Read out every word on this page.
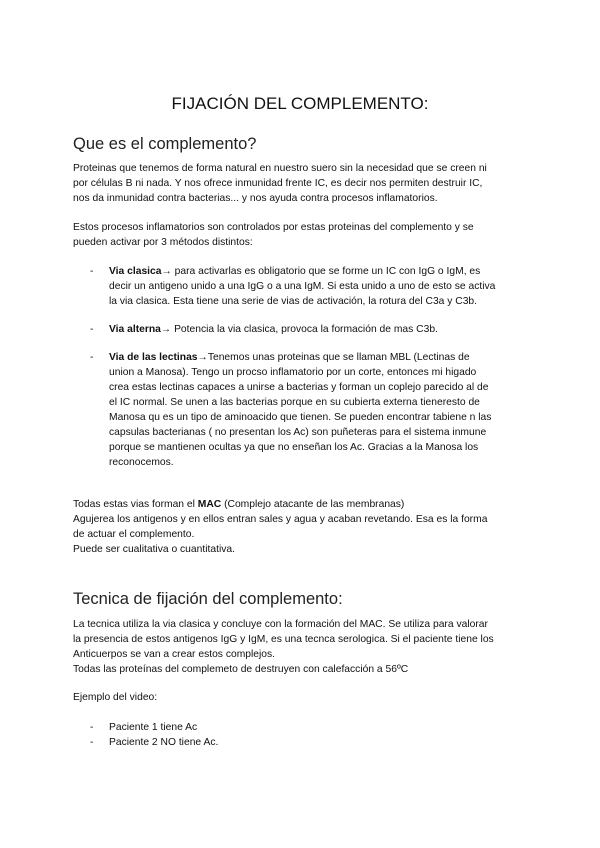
FIJACIÓN DEL COMPLEMENTO:
Que es el complemento?
Proteinas que tenemos de forma natural en nuestro suero sin la necesidad que se creen ni
por células B ni nada. Y nos ofrece inmunidad frente IC, es decir nos permiten destruir IC,
nos da inmunidad contra bacterias... y nos ayuda contra procesos inflamatorios.
Estos procesos inflamatorios son controlados por estas proteinas del complemento y se
pueden activar por 3 métodos distintos:
- Via clasica→ para activarlas es obligatorio que se forme un IC con IgG o IgM, es
decir un antigeno unido a una IgG o a una IgM. Si esta unido a uno de esto se activa
la via clasica. Esta tiene una serie de vias de activación, la rotura del C3a y C3b.
- Via alterna→ Potencia la via clasica, provoca la formación de mas C3b.
- Via de las lectinas→Tenemos unas proteinas que se llaman MBL (Lectinas de
union a Manosa). Tengo un procso inflamatorio por un corte, entonces mi higado
crea estas lectinas capaces a unirse a bacterias y forman un coplejo parecido al de
el IC normal. Se unen a las bacterias porque en su cubierta externa tieneresto de
Manosa qu es un tipo de aminoacido que tienen. Se pueden encontrar tabiene n las
capsulas bacterianas ( no presentan los Ac) son puñeteras para el sistema inmune
porque se mantienen ocultas ya que no enseñan los Ac. Gracias a la Manosa los
reconocemos.
Todas estas vias forman el MAC (Complejo atacante de las membranas)
Agujerea los antigenos y en ellos entran sales y agua y acaban revetando. Esa es la forma
de actuar el complemento.
Puede ser cualitativa o cuantitativa.
Tecnica de fijación del complemento:
La tecnica utiliza la via clasica y concluye con la formación del MAC. Se utiliza para valorar
la presencia de estos antigenos IgG y IgM, es una tecnca serologica. Si el paciente tiene los
Anticuerpos se van a crear estos complejos.
Todas las proteínas del complemeto de destruyen con calefacción a 56ºC
Ejemplo del video:
- Paciente 1 tiene Ac
- Paciente 2 NO tiene Ac.
